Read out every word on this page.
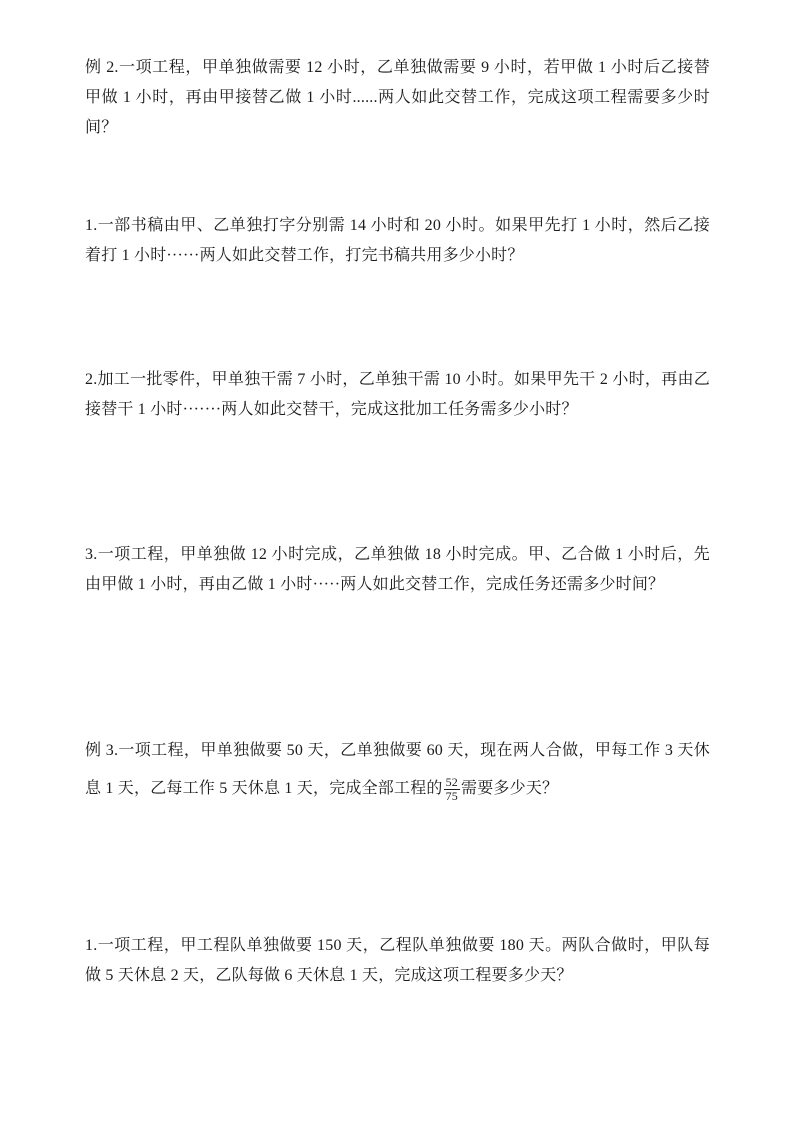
例 2.一项工程，甲单独做需要 12 小时，乙单独做需要 9 小时，若甲做 1 小时后乙接替甲做 1 小时，再由甲接替乙做 1 小时......两人如此交替工作，完成这项工程需要多少时间？

1.一部书稿由甲、乙单独打字分别需 14 小时和 20 小时。如果甲先打 1 小时，然后乙接着打 1 小时······两人如此交替工作，打完书稿共用多少小时？

2.加工一批零件，甲单独干需 7 小时，乙单独干需 10 小时。如果甲先干 2 小时，再由乙接替干 1 小时·······两人如此交替干，完成这批加工任务需多少小时？

3.一项工程，甲单独做 12 小时完成，乙单独做 18 小时完成。甲、乙合做 1 小时后，先由甲做 1 小时，再由乙做 1 小时·····两人如此交替工作，完成任务还需多少时间？

例 3.一项工程，甲单独做要 50 天，乙单独做要 60 天，现在两人合做，甲每工作 3 天休息 1 天，乙每工作 5 天休息 1 天，完成全部工程的 $\frac{52}{75}$ 需要多少天？

1.一项工程，甲工程队单独做要 150 天，乙程队单独做要 180 天。两队合做时，甲队每做 5 天休息 2 天，乙队每做 6 天休息 1 天，完成这项工程要多少天？
